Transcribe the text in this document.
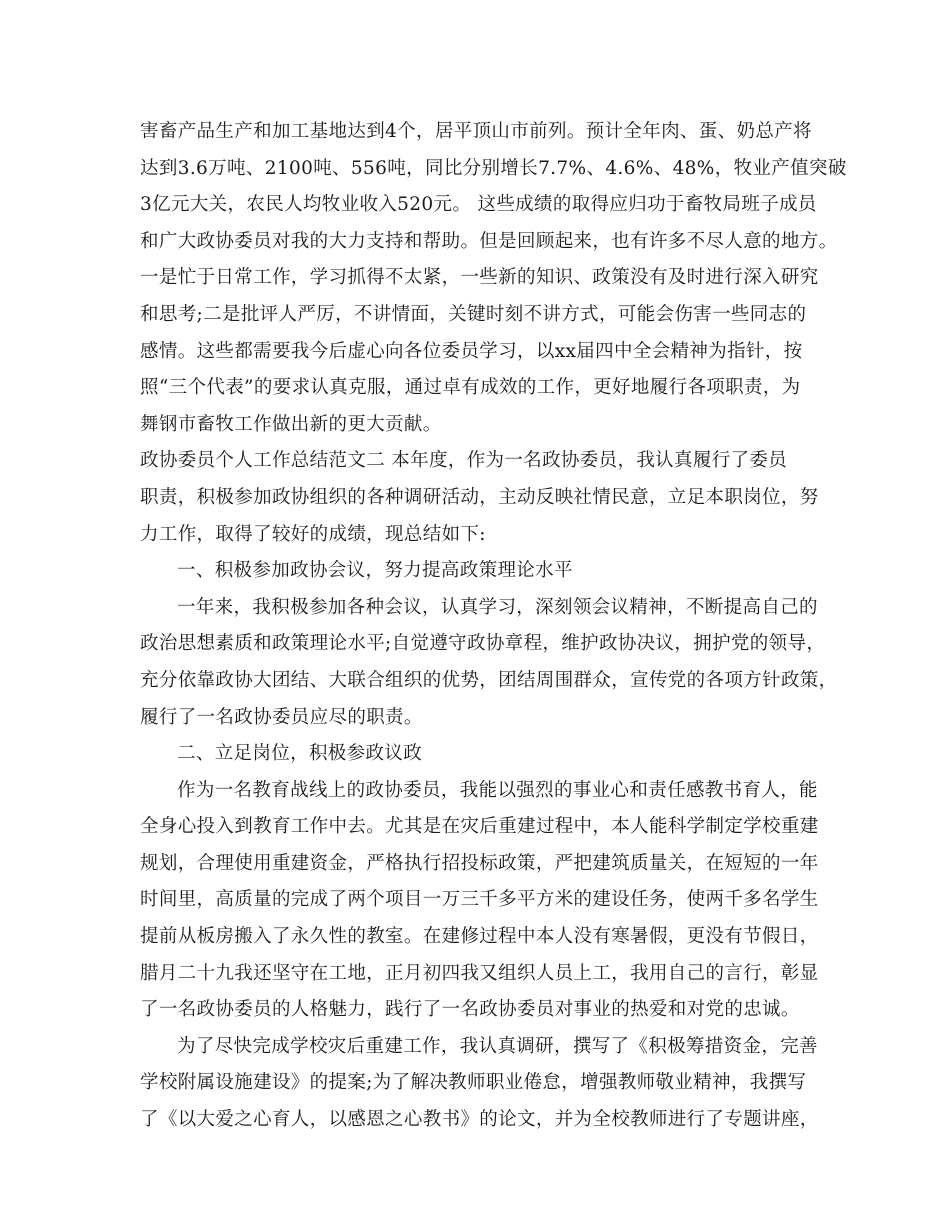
害畜产品生产和加工基地达到4个，居平顶山市前列。预计全年肉、蛋、奶总产将
达到3.6万吨、2100吨、556吨，同比分别增长7.7%、4.6%、48%，牧业产值突破
3亿元大关，农民人均牧业收入520元。 这些成绩的取得应归功于畜牧局班子成员
和广大政协委员对我的大力支持和帮助。但是回顾起来，也有许多不尽人意的地方。
一是忙于日常工作，学习抓得不太紧，一些新的知识、政策没有及时进行深入研究
和思考;二是批评人严厉，不讲情面，关键时刻不讲方式，可能会伤害一些同志的
感情。这些都需要我今后虚心向各位委员学习，以xx届四中全会精神为指针，按
照“三个代表”的要求认真克服，通过卓有成效的工作，更好地履行各项职责，为
舞钢市畜牧工作做出新的更大贡献。
政协委员个人工作总结范文二 本年度，作为一名政协委员，我认真履行了委员
职责，积极参加政协组织的各种调研活动，主动反映社情民意，立足本职岗位，努
力工作，取得了较好的成绩，现总结如下:
一、积极参加政协会议，努力提高政策理论水平
一年来，我积极参加各种会议，认真学习，深刻领会议精神，不断提高自己的
政治思想素质和政策理论水平;自觉遵守政协章程，维护政协决议，拥护党的领导，
充分依靠政协大团结、大联合组织的优势，团结周围群众，宣传党的各项方针政策，
履行了一名政协委员应尽的职责。
二、立足岗位，积极参政议政
作为一名教育战线上的政协委员，我能以强烈的事业心和责任感教书育人，能
全身心投入到教育工作中去。尤其是在灾后重建过程中，本人能科学制定学校重建
规划，合理使用重建资金，严格执行招投标政策，严把建筑质量关，在短短的一年
时间里，高质量的完成了两个项目一万三千多平方米的建设任务，使两千多名学生
提前从板房搬入了永久性的教室。在建修过程中本人没有寒暑假，更没有节假日，
腊月二十九我还坚守在工地，正月初四我又组织人员上工，我用自己的言行，彰显
了一名政协委员的人格魅力，践行了一名政协委员对事业的热爱和对党的忠诚。
为了尽快完成学校灾后重建工作，我认真调研，撰写了《积极筹措资金，完善
学校附属设施建设》的提案;为了解决教师职业倦怠，增强教师敬业精神，我撰写
了《以大爱之心育人，以感恩之心教书》的论文，并为全校教师进行了专题讲座，
